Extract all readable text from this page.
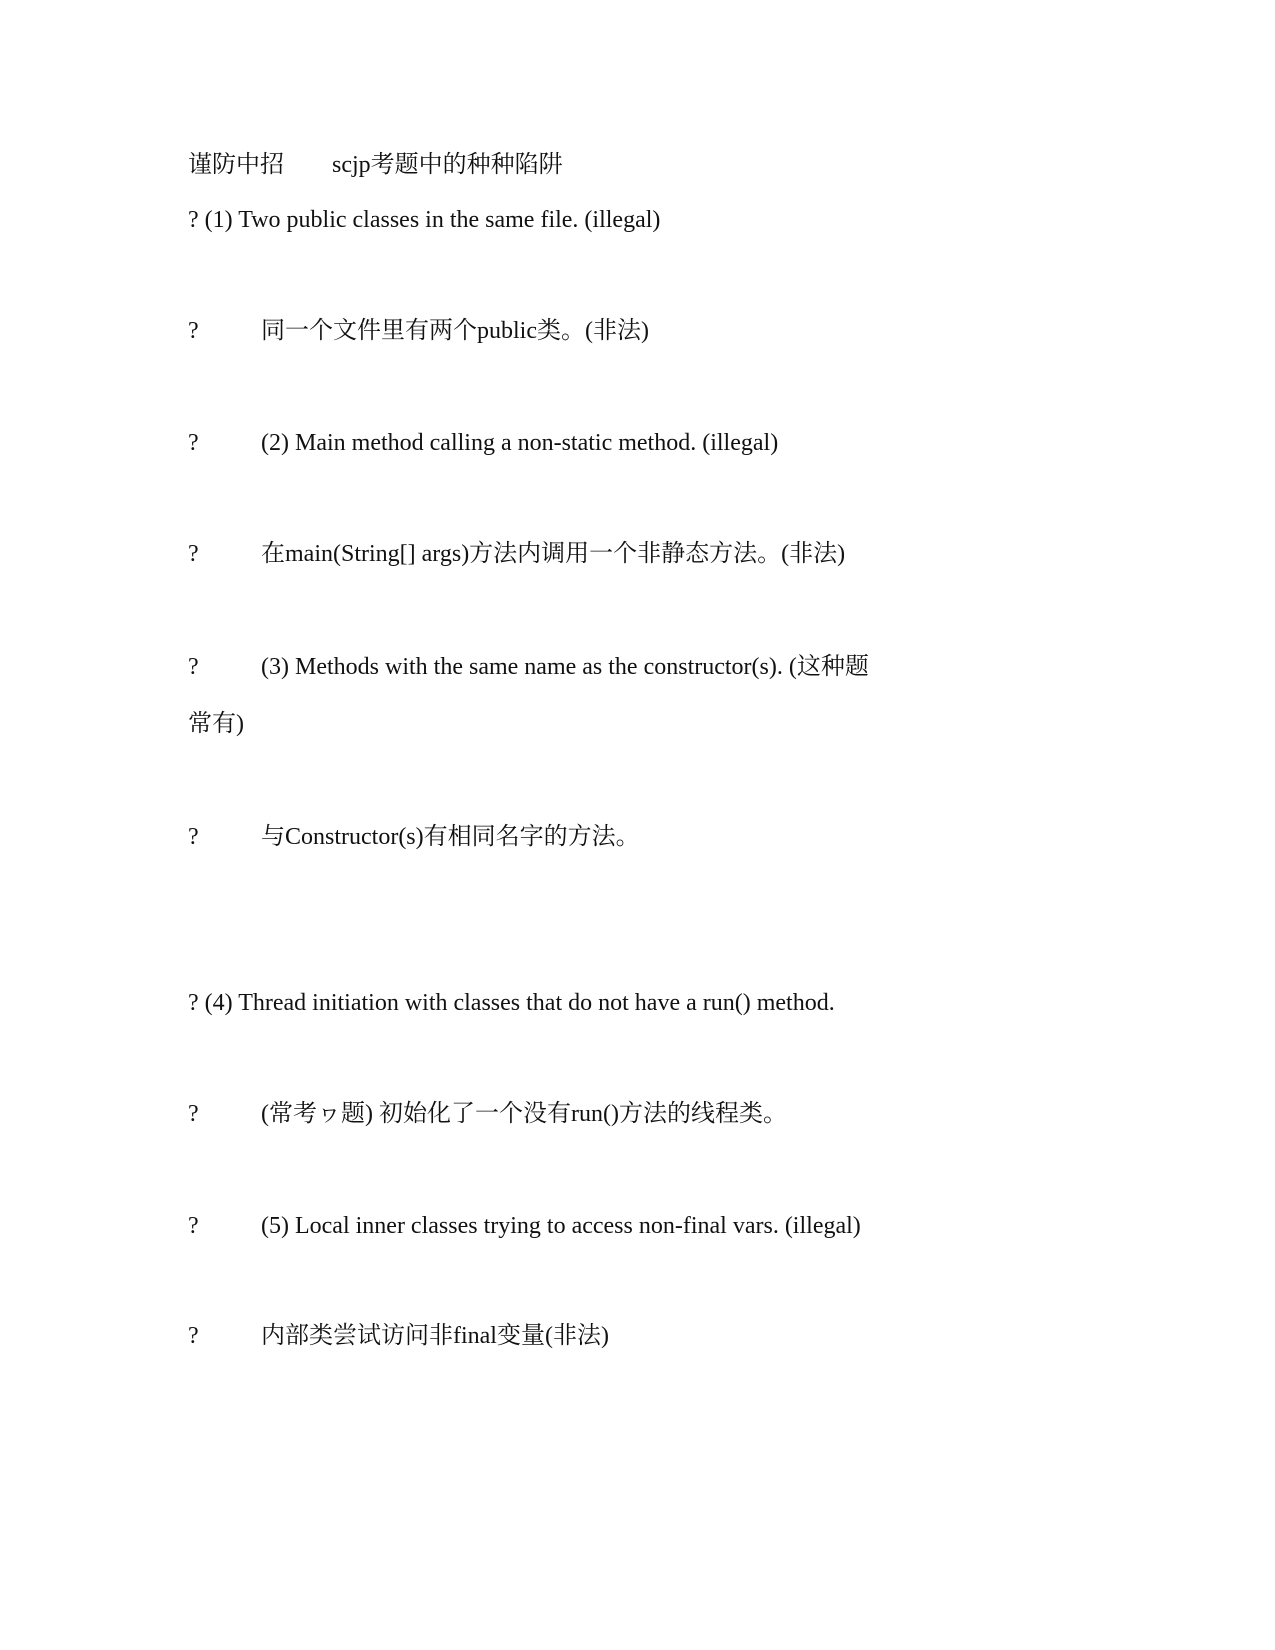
谨防中招 scjp考题中的种种陷阱
? (1) Two public classes in the same file. (illegal)
?	同一个文件里有两个public类。(非法)
?	(2) Main method calling a non-static method. (illegal)
?	在main(String[] args)方法内调用一个非静态方法。(非法)
?	(3) Methods with the same name as the constructor(s). (这种题
常有)
?	与Constructor(s)有相同名字的方法。
? (4) Thread initiation with classes that do not have a run() method.
?	(常考ヮ题) 初始化了一个没有run()方法的线程类。
?	(5) Local inner classes trying to access non-final vars. (illegal)
?	内部类尝试访问非final变量(非法)
